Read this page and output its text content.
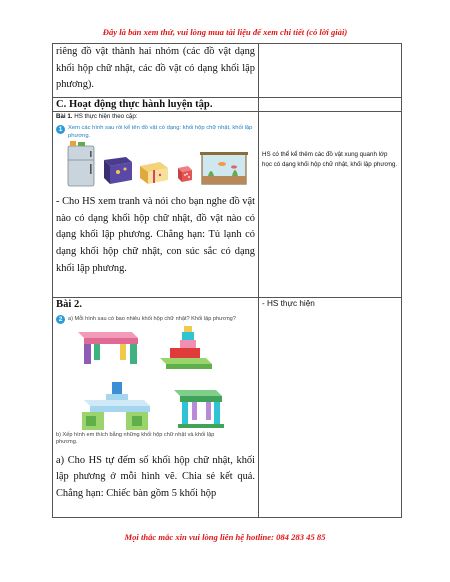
Đây là bản xem thử, vui lòng mua tài liệu để xem chi tiết (có lời giải)
riêng đồ vật thành hai nhóm (các đồ vật dạng khối hộp chữ nhật, các đồ vật có dạng khối lập phương).	

C. Hoạt động thực hành luyện tập.	

Bài 1. HS thực hiện theo cặp:
1 Xem các hình sau rồi kể tên đồ vật có dạng: khối hộp chữ nhật, khối lập phương.
- Cho HS xem tranh và nói cho bạn nghe đồ vật nào có dạng khối hộp chữ nhật, đồ vật nào có dạng khối lập phương. Chẳng hạn: Tủ lạnh có dạng khối hộp chữ nhật, con súc sắc có dạng khối lập phương.	HS có thể kể thêm các đồ vật xung quanh lớp học có dạng khối hộp chữ nhật, khối lập phương.

Bài 2.
2 a) Mỗi hình sau có bao nhiêu khối hộp chữ nhật? Khối lập phương?
b) Xếp hình em thích bằng những khối hộp chữ nhật và khối lập phương.
a) Cho HS tự đếm số khối hộp chữ nhật, khối lập phương ở mỗi hình vẽ. Chia sẻ kết quả. Chẳng hạn: Chiếc bàn gồm 5 khối hộp	- HS thực hiện
Mọi thắc mắc xin vui lòng liên hệ hotline: 084 283 45 85
